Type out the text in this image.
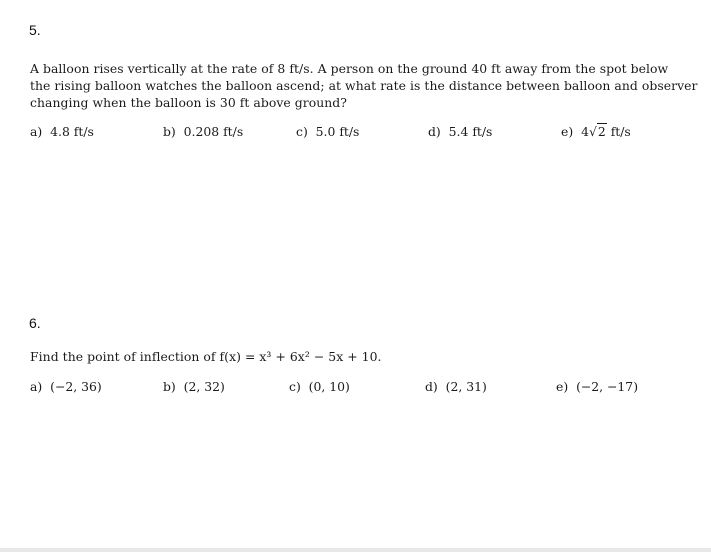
5.
A balloon rises vertically at the rate of 8 ft/s. A person on the ground 40 ft away from the spot below
the rising balloon watches the balloon ascend; at what rate is the distance between balloon and observer
changing when the balloon is 30 ft above ground?
a) 4.8 ft/s	b) 0.208 ft/s	c) 5.0 ft/s	d) 5.4 ft/s	e) 4√2 ft/s
6.
Find the point of inflection of f(x) = x³ + 6x² − 5x + 10.
a) (−2, 36)	b) (2, 32)	c) (0, 10)	d) (2, 31)	e) (−2, −17)
